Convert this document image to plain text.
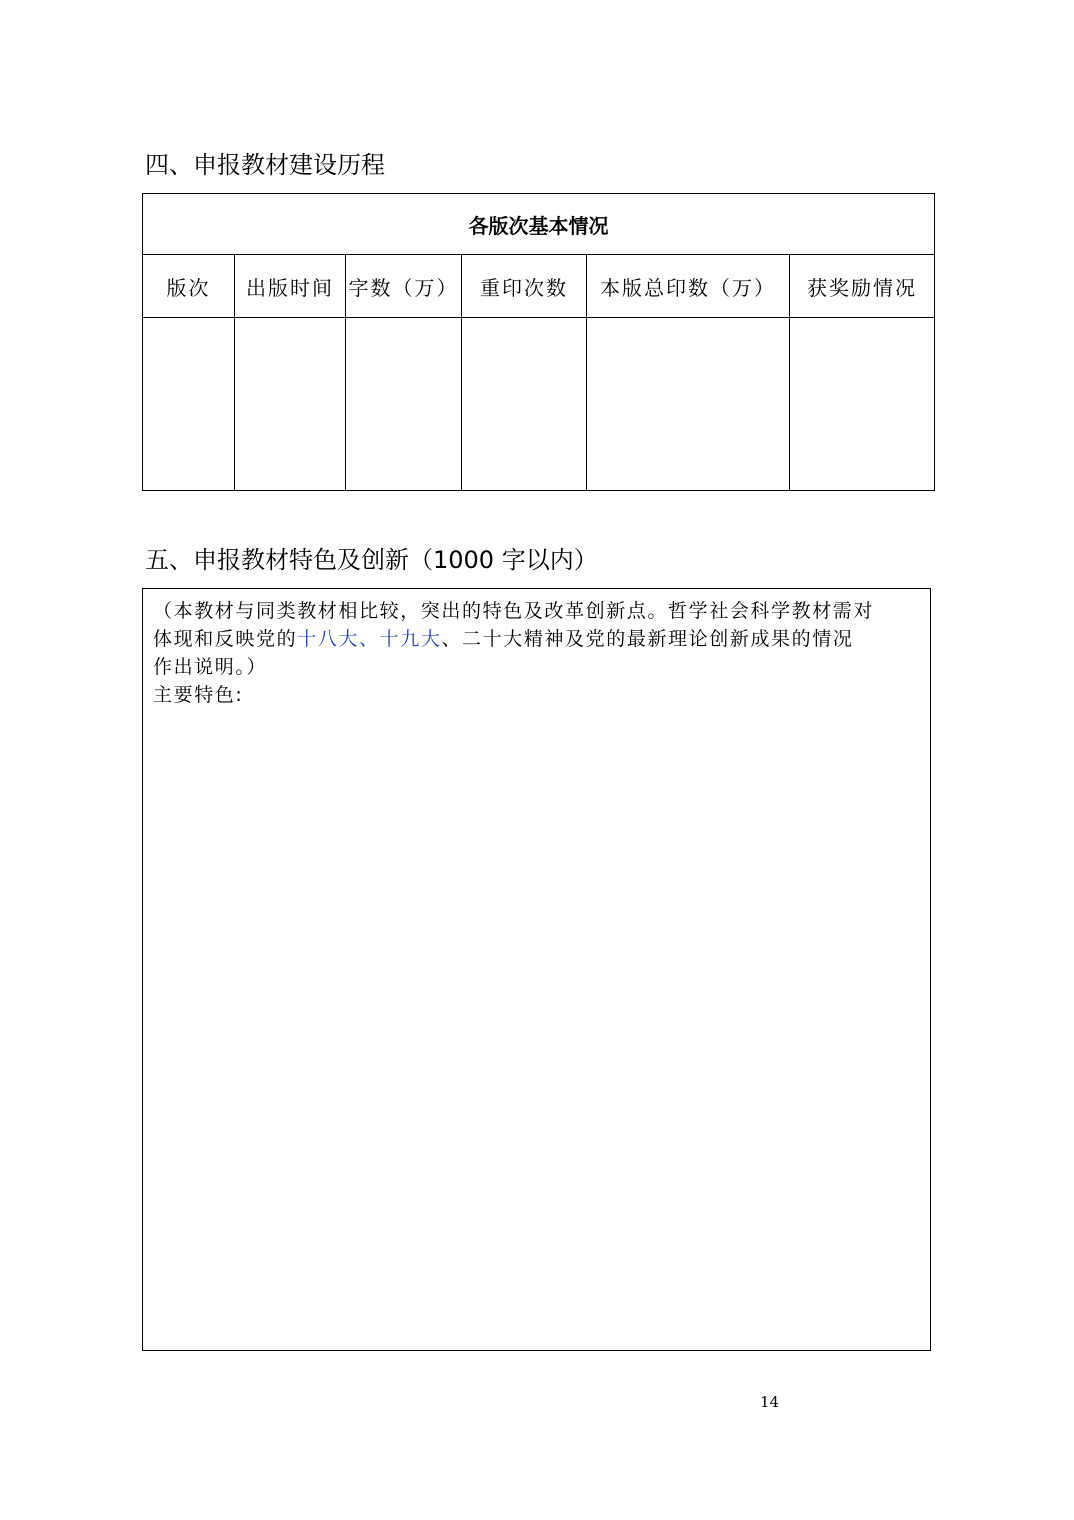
四、申报教材建设历程
各版次基本情况					
版次	出版时间	字数（万）	重印次数	本版总印数（万）	获奖励情况

五、申报教材特色及创新（1000 字以内）
（本教材与同类教材相比较，突出的特色及改革创新点。哲学社会科学教材需对
体现和反映党的十八大、十九大、二十大精神及党的最新理论创新成果的情况
作出说明。）
主要特色:
14
